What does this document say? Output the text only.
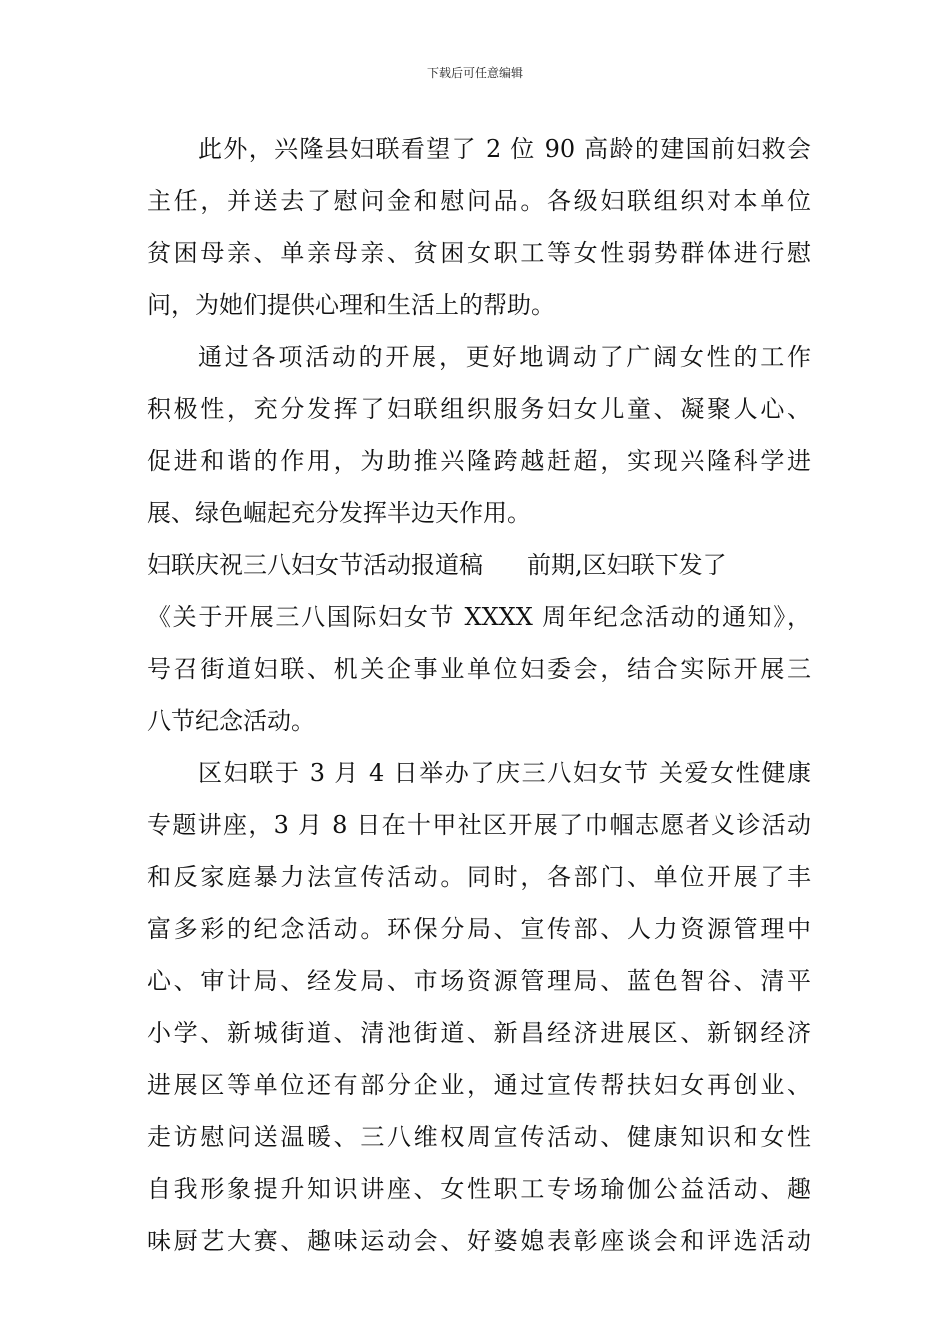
下载后可任意编辑

此外，兴隆县妇联看望了 2 位 90 高龄的建国前妇救会
主任，并送去了慰问金和慰问品。各级妇联组织对本单位
贫困母亲、单亲母亲、贫困女职工等女性弱势群体进行慰
问，为她们提供心理和生活上的帮助。
通过各项活动的开展，更好地调动了广阔女性的工作
积极性，充分发挥了妇联组织服务妇女儿童、凝聚人心、
促进和谐的作用，为助推兴隆跨越赶超，实现兴隆科学进
展、绿色崛起充分发挥半边天作用。
妇联庆祝三八妇女节活动报道稿 前期,区妇联下发了
《关于开展三八国际妇女节 XXXX 周年纪念活动的通知》，
号召街道妇联、机关企事业单位妇委会，结合实际开展三
八节纪念活动。
区妇联于 3 月 4 日举办了庆三八妇女节 关爱女性健康
专题讲座，3 月 8 日在十甲社区开展了巾帼志愿者义诊活动
和反家庭暴力法宣传活动。同时，各部门、单位开展了丰
富多彩的纪念活动。环保分局、宣传部、人力资源管理中
心、审计局、经发局、市场资源管理局、蓝色智谷、清平
小学、新城街道、清池街道、新昌经济进展区、新钢经济
进展区等单位还有部分企业，通过宣传帮扶妇女再创业、
走访慰问送温暖、三八维权周宣传活动、健康知识和女性
自我形象提升知识讲座、女性职工专场瑜伽公益活动、趣
味厨艺大赛、趣味运动会、好婆媳表彰座谈会和评选活动
